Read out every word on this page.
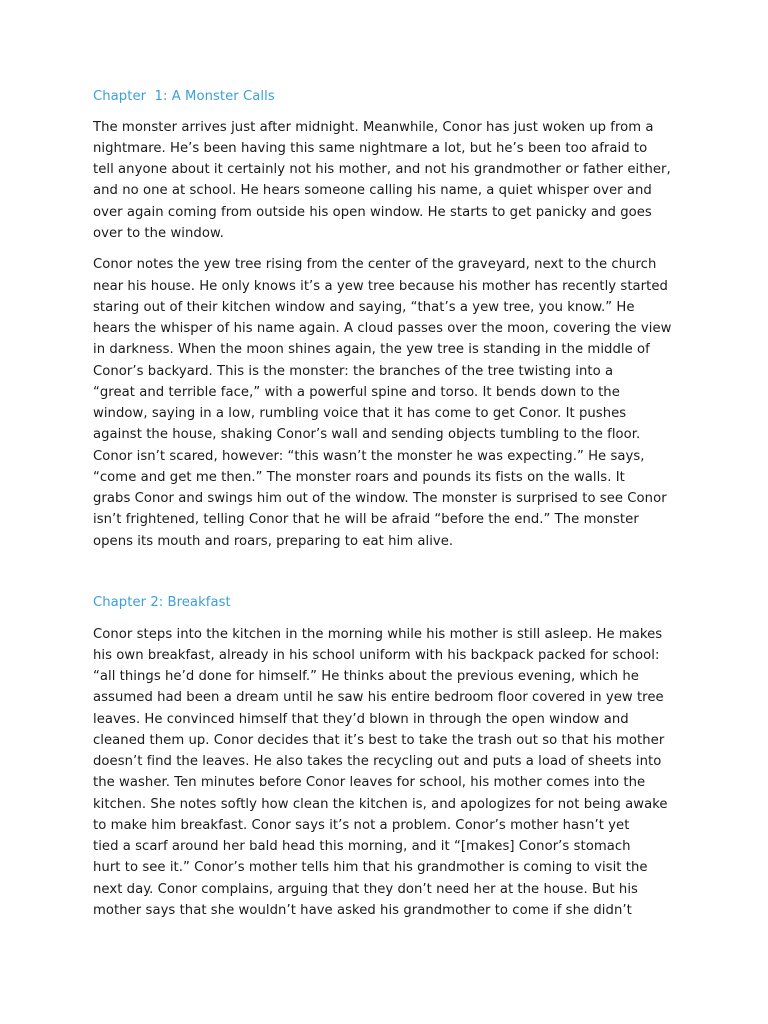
Chapter  1: A Monster Calls
The monster arrives just after midnight. Meanwhile, Conor has just woken up from a
nightmare. He’s been having this same nightmare a lot, but he’s been too afraid to
tell anyone about it certainly not his mother, and not his grandmother or father either,
and no one at school. He hears someone calling his name, a quiet whisper over and
over again coming from outside his open window. He starts to get panicky and goes
over to the window.
Conor notes the yew tree rising from the center of the graveyard, next to the church
near his house. He only knows it’s a yew tree because his mother has recently started
staring out of their kitchen window and saying, “that’s a yew tree, you know.” He
hears the whisper of his name again. A cloud passes over the moon, covering the view
in darkness. When the moon shines again, the yew tree is standing in the middle of
Conor’s backyard. This is the monster: the branches of the tree twisting into a
“great and terrible face,” with a powerful spine and torso. It bends down to the
window, saying in a low, rumbling voice that it has come to get Conor. It pushes
against the house, shaking Conor’s wall and sending objects tumbling to the floor.
Conor isn’t scared, however: “this wasn’t the monster he was expecting.” He says,
“come and get me then.” The monster roars and pounds its fists on the walls. It
grabs Conor and swings him out of the window. The monster is surprised to see Conor
isn’t frightened, telling Conor that he will be afraid “before the end.” The monster
opens its mouth and roars, preparing to eat him alive.
Chapter 2: Breakfast
Conor steps into the kitchen in the morning while his mother is still asleep. He makes
his own breakfast, already in his school uniform with his backpack packed for school:
“all things he’d done for himself.” He thinks about the previous evening, which he
assumed had been a dream until he saw his entire bedroom floor covered in yew tree
leaves. He convinced himself that they’d blown in through the open window and
cleaned them up. Conor decides that it’s best to take the trash out so that his mother
doesn’t find the leaves. He also takes the recycling out and puts a load of sheets into
the washer. Ten minutes before Conor leaves for school, his mother comes into the
kitchen. She notes softly how clean the kitchen is, and apologizes for not being awake
to make him breakfast. Conor says it’s not a problem. Conor’s mother hasn’t yet
tied a scarf around her bald head this morning, and it “[makes] Conor’s stomach
hurt to see it.” Conor’s mother tells him that his grandmother is coming to visit the
next day. Conor complains, arguing that they don’t need her at the house. But his
mother says that she wouldn’t have asked his grandmother to come if she didn’t
